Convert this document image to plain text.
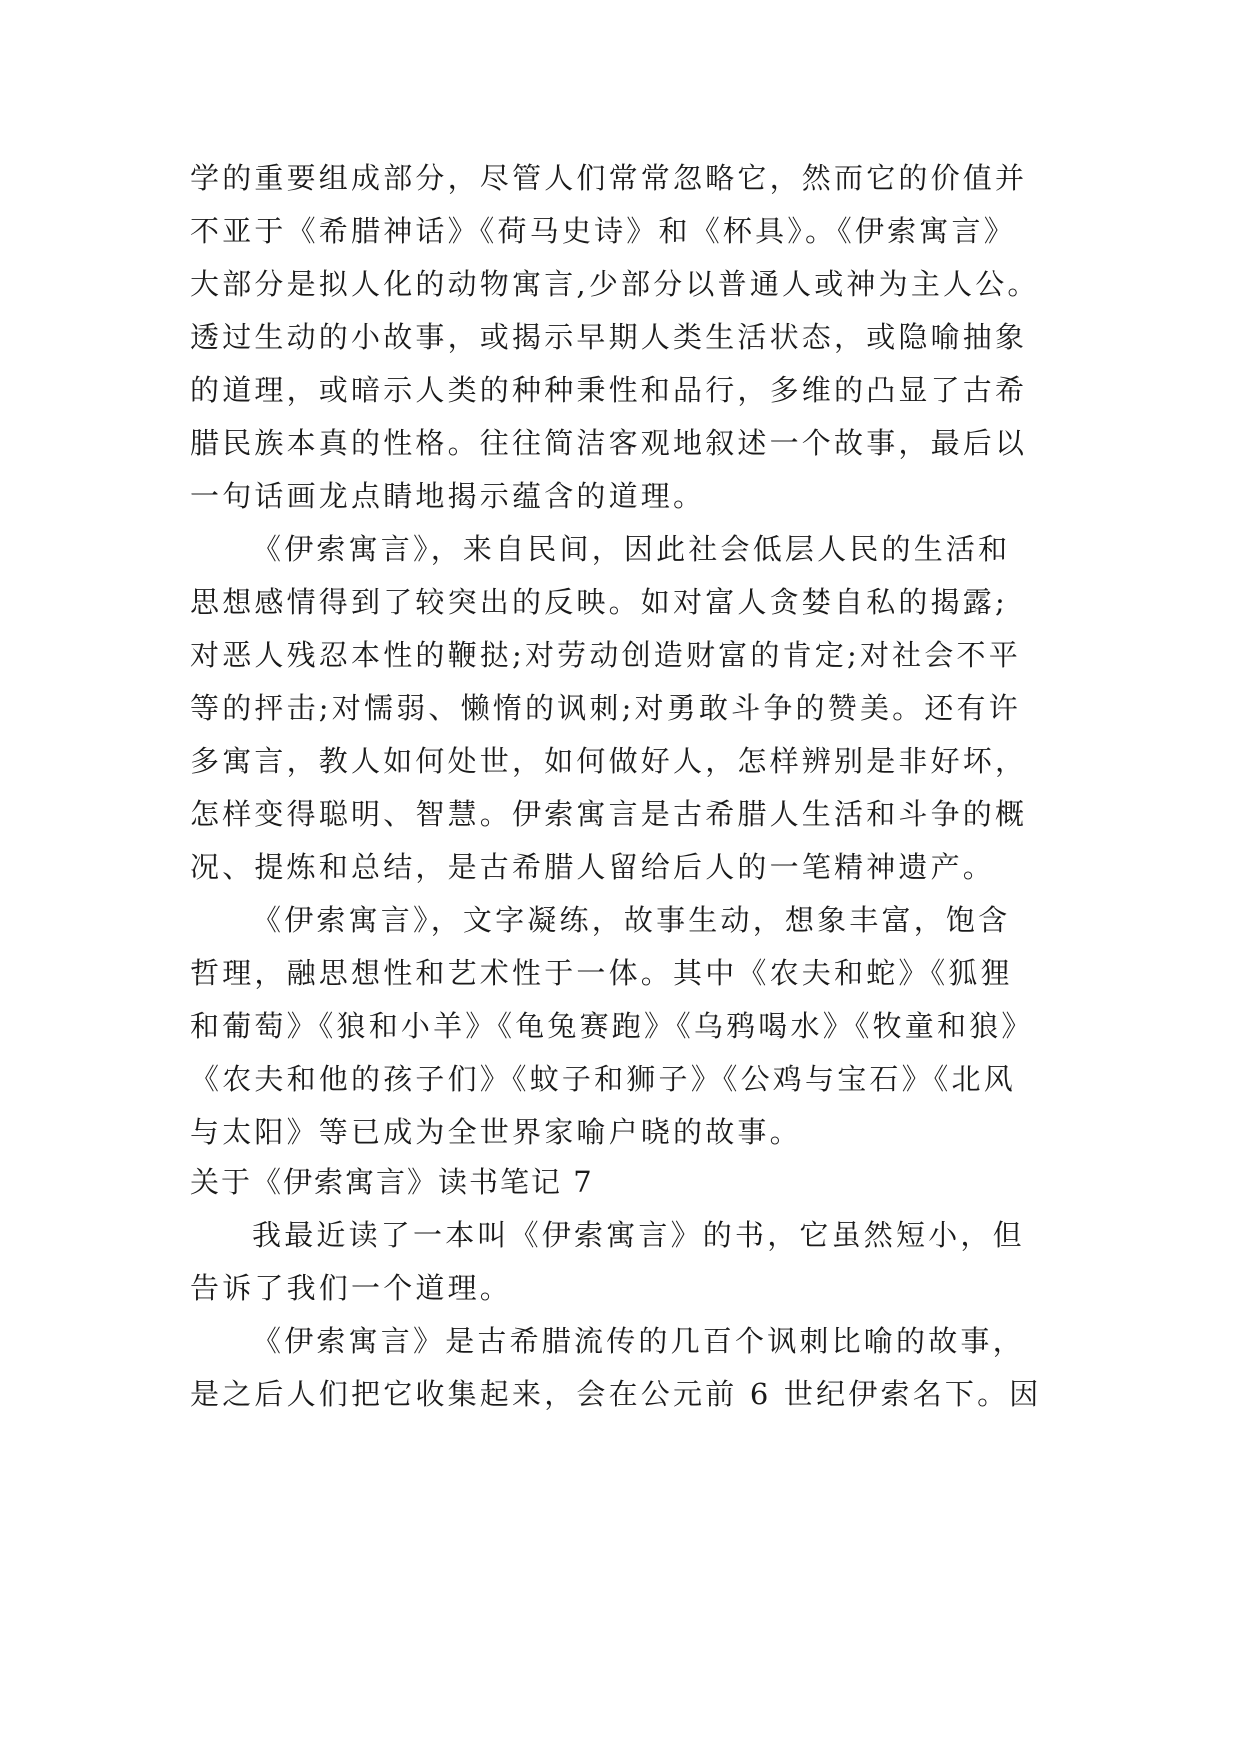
学的重要组成部分，尽管人们常常忽略它，然而它的价值并
不亚于《希腊神话》《荷马史诗》和《杯具》。《伊索寓言》
大部分是拟人化的动物寓言,少部分以普通人或神为主人公。
透过生动的小故事，或揭示早期人类生活状态，或隐喻抽象
的道理，或暗示人类的种种秉性和品行，多维的凸显了古希
腊民族本真的性格。往往简洁客观地叙述一个故事，最后以
一句话画龙点睛地揭示蕴含的道理。
《伊索寓言》，来自民间，因此社会低层人民的生活和
思想感情得到了较突出的反映。如对富人贪婪自私的揭露;
对恶人残忍本性的鞭挞;对劳动创造财富的肯定;对社会不平
等的抨击;对懦弱、懒惰的讽刺;对勇敢斗争的赞美。还有许
多寓言，教人如何处世，如何做好人，怎样辨别是非好坏，
怎样变得聪明、智慧。伊索寓言是古希腊人生活和斗争的概
况、提炼和总结，是古希腊人留给后人的一笔精神遗产。
《伊索寓言》，文字凝练，故事生动，想象丰富，饱含
哲理，融思想性和艺术性于一体。其中《农夫和蛇》《狐狸
和葡萄》《狼和小羊》《龟兔赛跑》《乌鸦喝水》《牧童和狼》
《农夫和他的孩子们》《蚊子和狮子》《公鸡与宝石》《北风
与太阳》等已成为全世界家喻户晓的故事。
关于《伊索寓言》读书笔记 7
我最近读了一本叫《伊索寓言》的书，它虽然短小，但
告诉了我们一个道理。
《伊索寓言》是古希腊流传的几百个讽刺比喻的故事，
是之后人们把它收集起来，会在公元前 6 世纪伊索名下。因
